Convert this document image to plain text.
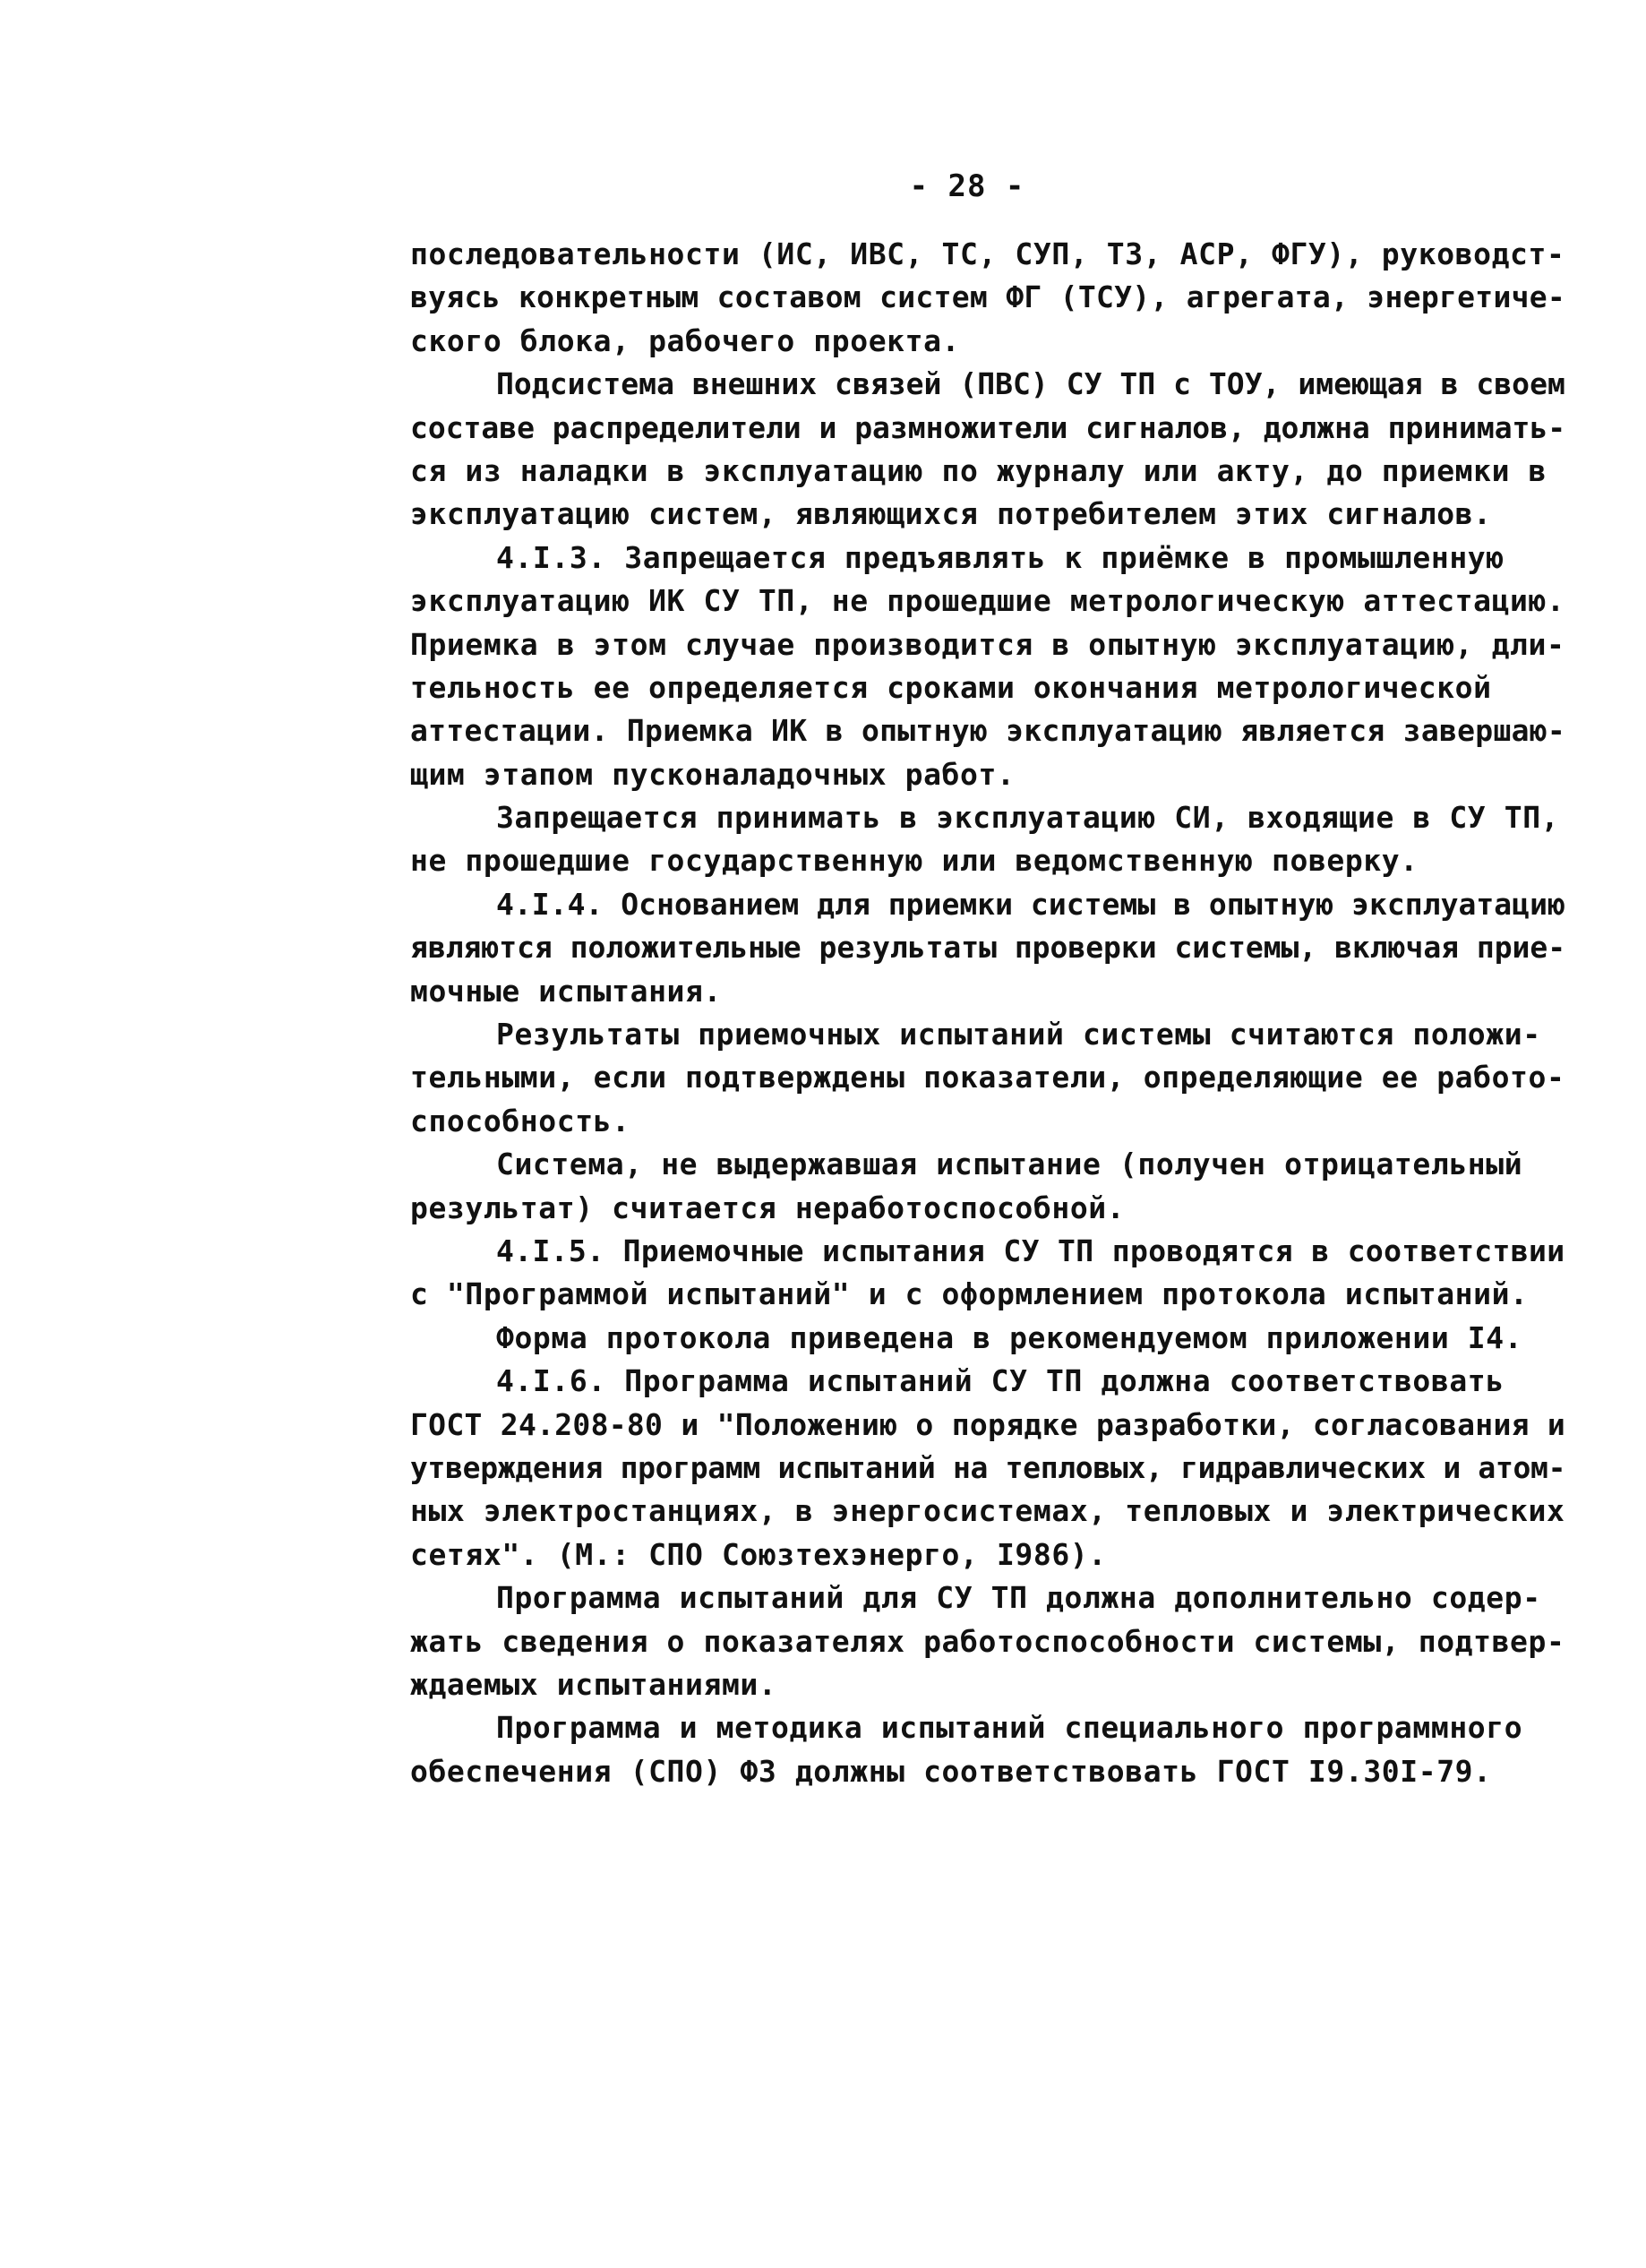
- 28 -
последовательности (ИС, ИВС, ТС, СУП, ТЗ, АСР, ФГУ), руководст-
вуясь конкретным составом систем ФГ (ТСУ), агрегата, энергетиче-
ского блока, рабочего проекта.
Подсистема внешних связей (ПВС) СУ ТП с ТОУ, имеющая в своем
составе распределители и размножители сигналов, должна принимать-
ся из наладки в эксплуатацию по журналу или акту, до приемки в
эксплуатацию систем, являющихся потребителем этих сигналов.
4.I.3. Запрещается предъявлять к приёмке в промышленную
эксплуатацию ИК СУ ТП, не прошедшие метрологическую аттестацию.
Приемка в этом случае производится в опытную эксплуатацию, дли-
тельность ее определяется сроками окончания метрологической
аттестации. Приемка ИК в опытную эксплуатацию является завершаю-
щим этапом пусконаладочных работ.
Запрещается принимать в эксплуатацию СИ, входящие в СУ ТП,
не прошедшие государственную или ведомственную поверку.
4.I.4. Основанием для приемки системы в опытную эксплуатацию
являются положительные результаты проверки системы, включая прие-
мочные испытания.
Результаты приемочных испытаний системы считаются положи-
тельными, если подтверждены показатели, определяющие ее работо-
способность.
Система, не выдержавшая испытание (получен отрицательный
результат) считается неработоспособной.
4.I.5. Приемочные испытания СУ ТП проводятся в соответствии
с "Программой испытаний" и с оформлением протокола испытаний.
Форма протокола приведена в рекомендуемом приложении I4.
4.I.6. Программа испытаний СУ ТП должна соответствовать
ГОСТ 24.208-80 и "Положению о порядке разработки, согласования и
утверждения программ испытаний на тепловых, гидравлических и атом-
ных электростанциях, в энергосистемах, тепловых и электрических
сетях". (М.: СПО Союзтехэнерго, I986).
Программа испытаний для СУ ТП должна дополнительно содер-
жать сведения о показателях работоспособности системы, подтвер-
ждаемых испытаниями.
Программа и методика испытаний специального программного
обеспечения (СПО) ФЗ должны соответствовать ГОСТ I9.30I-79.
